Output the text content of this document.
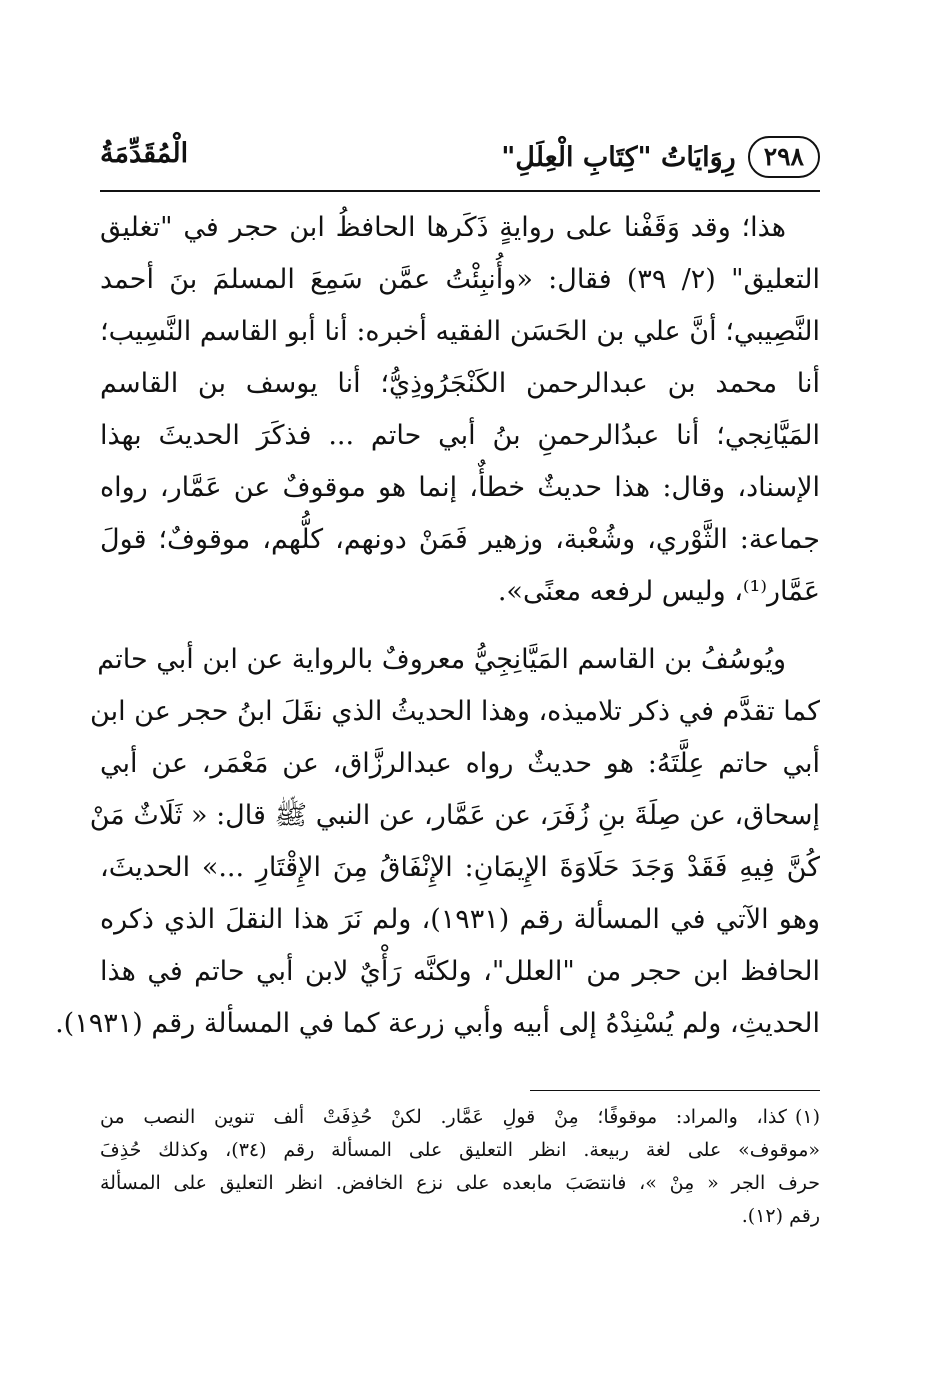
٢٩٨
رِوَايَاتُ "كِتَابِ الْعِلَلِ"
الْمُقَدِّمَةُ

هذا؛ وقد وَقَفْنا على روايةٍ ذَكَرها الحافظُ ابن حجر في "تغليق
التعليق" (٢/ ٣٩) فقال: «وأُنبِئْتُ عمَّن سَمِعَ المسلمَ بنَ أحمد
النَّصِيبي؛ أنَّ علي بن الحَسَن الفقيه أخبره: أنا أبو القاسم النَّسِيب؛
أنا محمد بن عبدالرحمن الكَنْجَرُوذِيُّ؛ أنا يوسف بن القاسم
المَيَّانِجي؛ أنا عبدُالرحمنِ بنُ أبي حاتم ... فذكَرَ الحديثَ بهذا
الإسناد، وقال: هذا حديثٌ خطأٌ، إنما هو موقوفٌ عن عَمَّار، رواه
جماعة: الثَّوْري، وشُعْبة، وزهير فَمَنْ دونهم، كلُّهم، موقوفٌ؛ قولَ
عَمَّار⁽¹⁾، وليس لرفعه معنًى».

ويُوسُفُ بن القاسم المَيَّانِجِيُّ معروفٌ بالرواية عن ابن أبي حاتم
كما تقدَّم في ذكر تلاميذه، وهذا الحديثُ الذي نقَلَ ابنُ حجر عن ابن
أبي حاتم عِلَّتَهُ: هو حديثٌ رواه عبدالرزَّاق، عن مَعْمَر، عن أبي
إسحاق، عن صِلَةَ بنِ زُفَرَ، عن عَمَّار، عن النبي ﷺ قال: « ثَلَاثٌ مَنْ
كُنَّ فِيهِ فَقَدْ وَجَدَ حَلَاوَةَ الإِيمَانِ: الإِنْفَاقُ مِنَ الإِقْتَارِ ...» الحديثَ،
وهو الآتي في المسألة رقم (١٩٣١)، ولم نَرَ هذا النقلَ الذي ذكره
الحافظ ابن حجر من "العلل"، ولكنَّه رَأْيٌ لابن أبي حاتم في هذا
الحديثِ، ولم يُسْنِدْهُ إلى أبيه وأبي زرعة كما في المسألة رقم (١٩٣١).

(١)كذا، والمراد: موقوفًا؛ مِنْ قولِ عَمَّار. لكنْ حُذِفَتْ ألف تنوين النصب من
«موقوف» على لغة ربيعة. انظر التعليق على المسألة رقم (٣٤)، وكذلك حُذِفَ
حرف الجر « مِنْ »، فانتصَبَ مابعده على نزع الخافض. انظر التعليق على المسألة
رقم (١٢).
